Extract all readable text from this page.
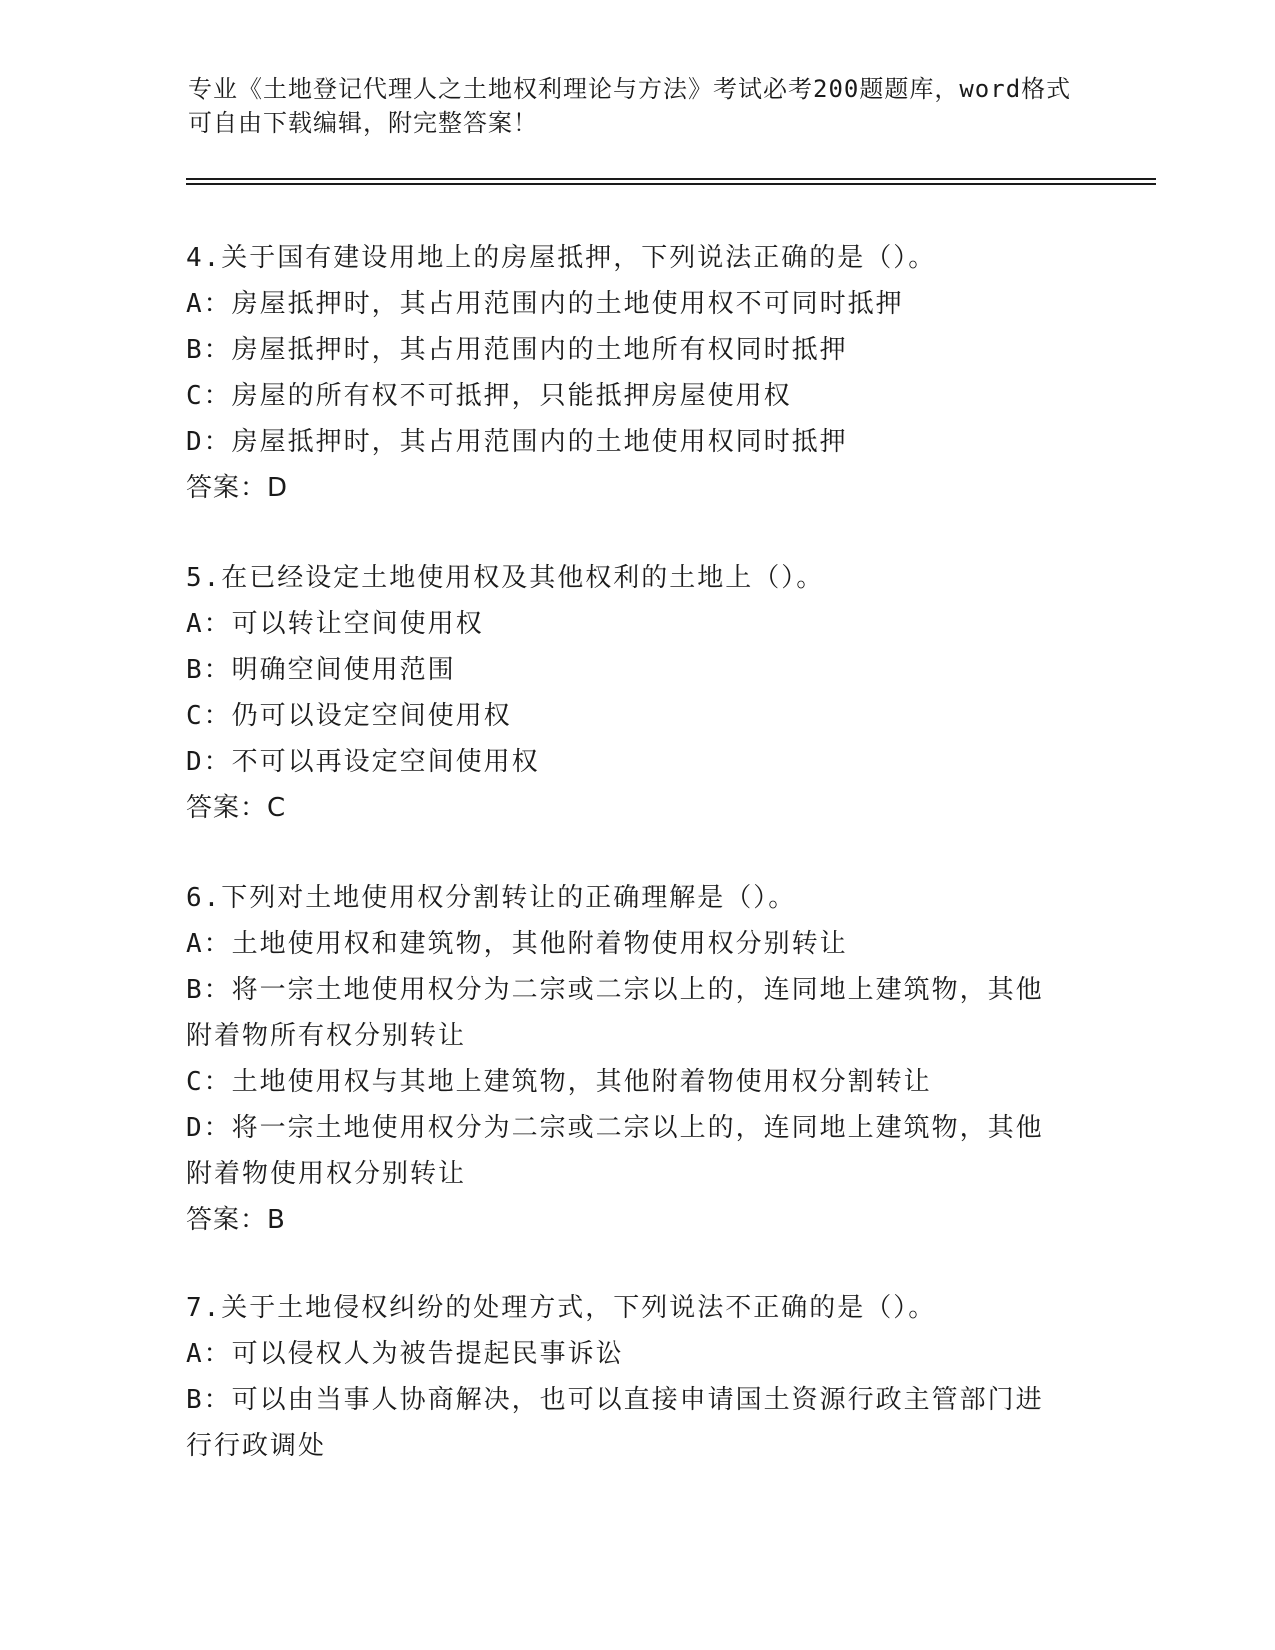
专业《土地登记代理人之土地权利理论与方法》考试必考200题题库，word格式
可自由下载编辑，附完整答案！
4.关于国有建设用地上的房屋抵押，下列说法正确的是（）。
A：房屋抵押时，其占用范围内的土地使用权不可同时抵押
B：房屋抵押时，其占用范围内的土地所有权同时抵押
C：房屋的所有权不可抵押，只能抵押房屋使用权
D：房屋抵押时，其占用范围内的土地使用权同时抵押
答案：D
5.在已经设定土地使用权及其他权利的土地上（）。
A：可以转让空间使用权
B：明确空间使用范围
C：仍可以设定空间使用权
D：不可以再设定空间使用权
答案：C
6.下列对土地使用权分割转让的正确理解是（）。
A：土地使用权和建筑物，其他附着物使用权分别转让
B：将一宗土地使用权分为二宗或二宗以上的，连同地上建筑物，其他
附着物所有权分别转让
C：土地使用权与其地上建筑物，其他附着物使用权分割转让
D：将一宗土地使用权分为二宗或二宗以上的，连同地上建筑物，其他
附着物使用权分别转让
答案：B
7.关于土地侵权纠纷的处理方式，下列说法不正确的是（）。
A：可以侵权人为被告提起民事诉讼
B：可以由当事人协商解决，也可以直接申请国土资源行政主管部门进
行行政调处
